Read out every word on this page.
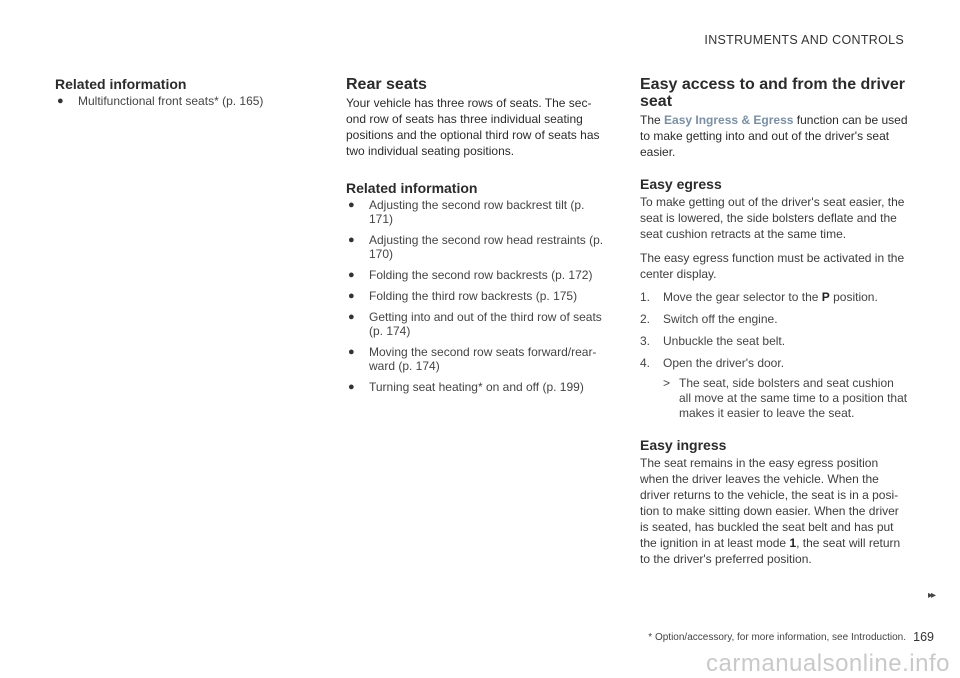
INSTRUMENTS AND CONTROLS
Related information
● Multifunctional front seats* (p. 165)
Rear seats

Your vehicle has three rows of seats. The sec-ond row of seats has three individual seating positions and the optional third row of seats has two individual seating positions.

Related information
● Adjusting the second row backrest tilt (p. 171)
● Adjusting the second row head restraints (p. 170)
● Folding the second row backrests (p. 172)
● Folding the third row backrests (p. 175)
● Getting into and out of the third row of seats (p. 174)
● Moving the second row seats forward/rear-ward (p. 174)
● Turning seat heating* on and off (p. 199)
Easy access to and from the driver seat

The Easy Ingress & Egress function can be used to make getting into and out of the driver's seat easier.

Easy egress

To make getting out of the driver's seat easier, the seat is lowered, the side bolsters deflate and the seat cushion retracts at the same time.

The easy egress function must be activated in the center display.

1. Move the gear selector to the P position.
2. Switch off the engine.
3. Unbuckle the seat belt.
4. Open the driver's door.
> The seat, side bolsters and seat cushion all move at the same time to a position that makes it easier to leave the seat.
Easy ingress

The seat remains in the easy egress position when the driver leaves the vehicle. When the driver returns to the vehicle, the seat is in a posi-tion to make sitting down easier. When the driver is seated, has buckled the seat belt and has put the ignition in at least mode 1, the seat will return to the driver's preferred position.

▸▸
* Option/accessory, for more information, see Introduction. 169
carmanualsonline.info
